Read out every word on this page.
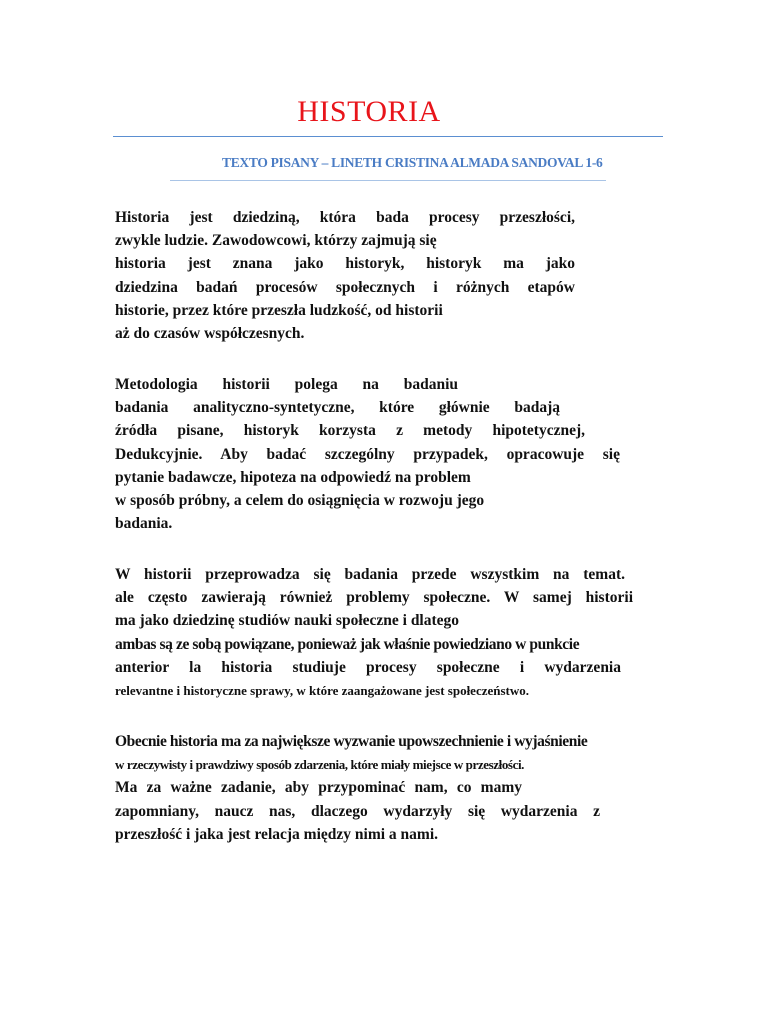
HISTORIA
TEXTO PISANY – LINETH CRISTINA ALMADA SANDOVAL 1-6
Historia jest dziedziną, która bada procesy przeszłości,
zwykle ludzie. Zawodowcowi, którzy zajmują się
historia jest znana jako historyk, historyk ma jako
dziedzina badań procesów społecznych i różnych etapów
historie, przez które przeszła ludzkość, od historii
aż do czasów współczesnych.
Metodologia historii polega na badaniu
badania analityczno-syntetyczne, które głównie badają
źródła pisane, historyk korzysta z metody hipotetycznej,
Dedukcyjnie. Aby badać szczególny przypadek, opracowuje się
pytanie badawcze, hipoteza na odpowiedź na problem
w sposób próbny, a celem do osiągnięcia w rozwoju jego
badania.
W historii przeprowadza się badania przede wszystkim na temat.
ale często zawierają również problemy społeczne. W samej historii
ma jako dziedzinę studiów nauki społeczne i dlatego
ambas są ze sobą powiązane, ponieważ jak właśnie powiedziano w punkcie
anterior la historia studiuje procesy społeczne i wydarzenia
relevantne i historyczne sprawy, w które zaangażowane jest społeczeństwo.
Obecnie historia ma za największe wyzwanie upowszechnienie i wyjaśnienie
w rzeczywisty i prawdziwy sposób zdarzenia, które miały miejsce w przeszłości.
Ma za ważne zadanie, aby przypominać nam, co mamy
zapomniany, naucz nas, dlaczego wydarzyły się wydarzenia z
przeszłość i jaka jest relacja między nimi a nami.
